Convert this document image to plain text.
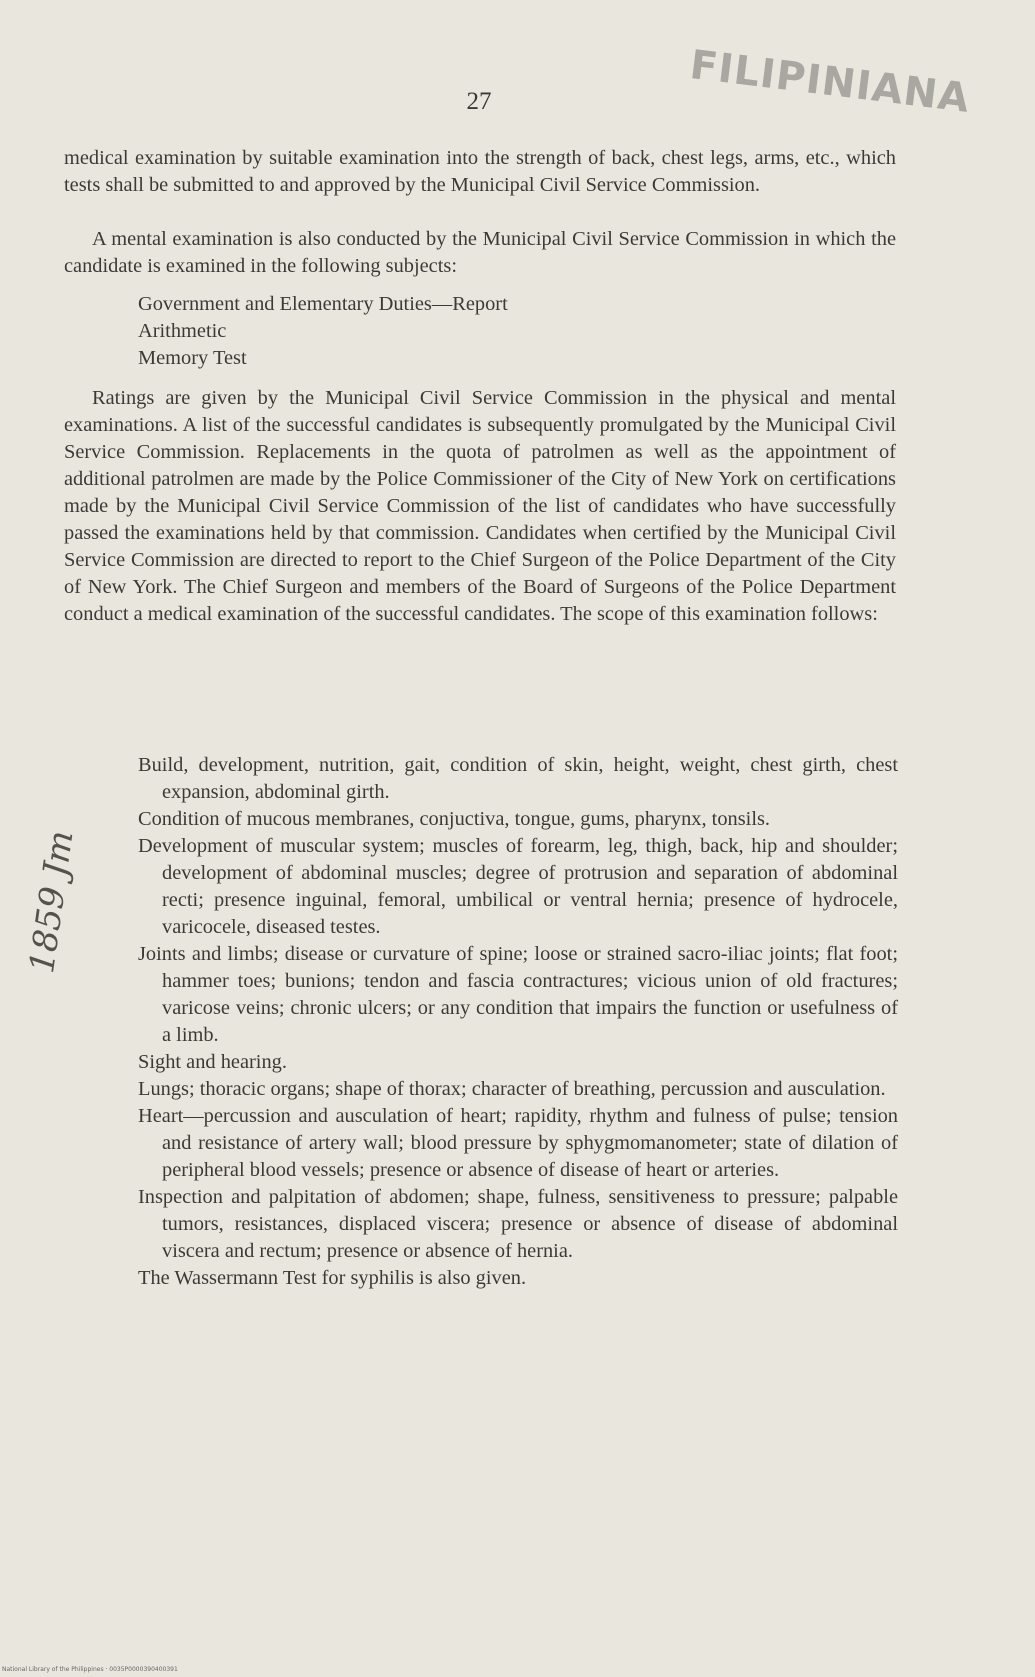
FILIPINIANA
27

medical examination by suitable examination into the strength of back, chest legs, arms, etc., which tests shall be submitted to and approved by the Municipal Civil Service Commission.

A mental examination is also conducted by the Municipal Civil Service Commission in which the candidate is examined in the following subjects:

Government and Elementary Duties—Report
Arithmetic
Memory Test

Ratings are given by the Municipal Civil Service Commission in the physical and mental examinations. A list of the successful candidates is subsequently promulgated by the Municipal Civil Service Commission. Replacements in the quota of patrolmen as well as the appointment of additional patrolmen are made by the Police Commissioner of the City of New York on certifications made by the Municipal Civil Service Commission of the list of candidates who have successfully passed the examinations held by that commission. Candidates when certified by the Municipal Civil Service Commission are directed to report to the Chief Surgeon of the Police Department of the City of New York. The Chief Surgeon and members of the Board of Surgeons of the Police Department conduct a medical examination of the successful candidates. The scope of this examination follows:

Build, development, nutrition, gait, condition of skin, height, weight, chest girth, chest expansion, abdominal girth.
Condition of mucous membranes, conjuctiva, tongue, gums, pharynx, tonsils.
Development of muscular system; muscles of forearm, leg, thigh, back, hip and shoulder; development of abdominal muscles; degree of protrusion and separation of abdominal recti; presence inguinal, femoral, umbilical or ventral hernia; presence of hydrocele, varicocele, diseased testes.
Joints and limbs; disease or curvature of spine; loose or strained sacro-iliac joints; flat foot; hammer toes; bunions; tendon and fascia contractures; vicious union of old fractures; varicose veins; chronic ulcers; or any condition that impairs the function or usefulness of a limb.
Sight and hearing.
Lungs; thoracic organs; shape of thorax; character of breathing, percussion and ausculation.
Heart—percussion and ausculation of heart; rapidity, rhythm and fulness of pulse; tension and resistance of artery wall; blood pressure by sphygmomanometer; state of dilation of peripheral blood vessels; presence or absence of disease of heart or arteries.
Inspection and palpitation of abdomen; shape, fulness, sensitiveness to pressure; palpable tumors, resistances, displaced viscera; presence or absence of disease of abdominal viscera and rectum; presence or absence of hernia.
The Wassermann Test for syphilis is also given.
1859 Jm
National Library of the Philippines · 0035P0000390400391
